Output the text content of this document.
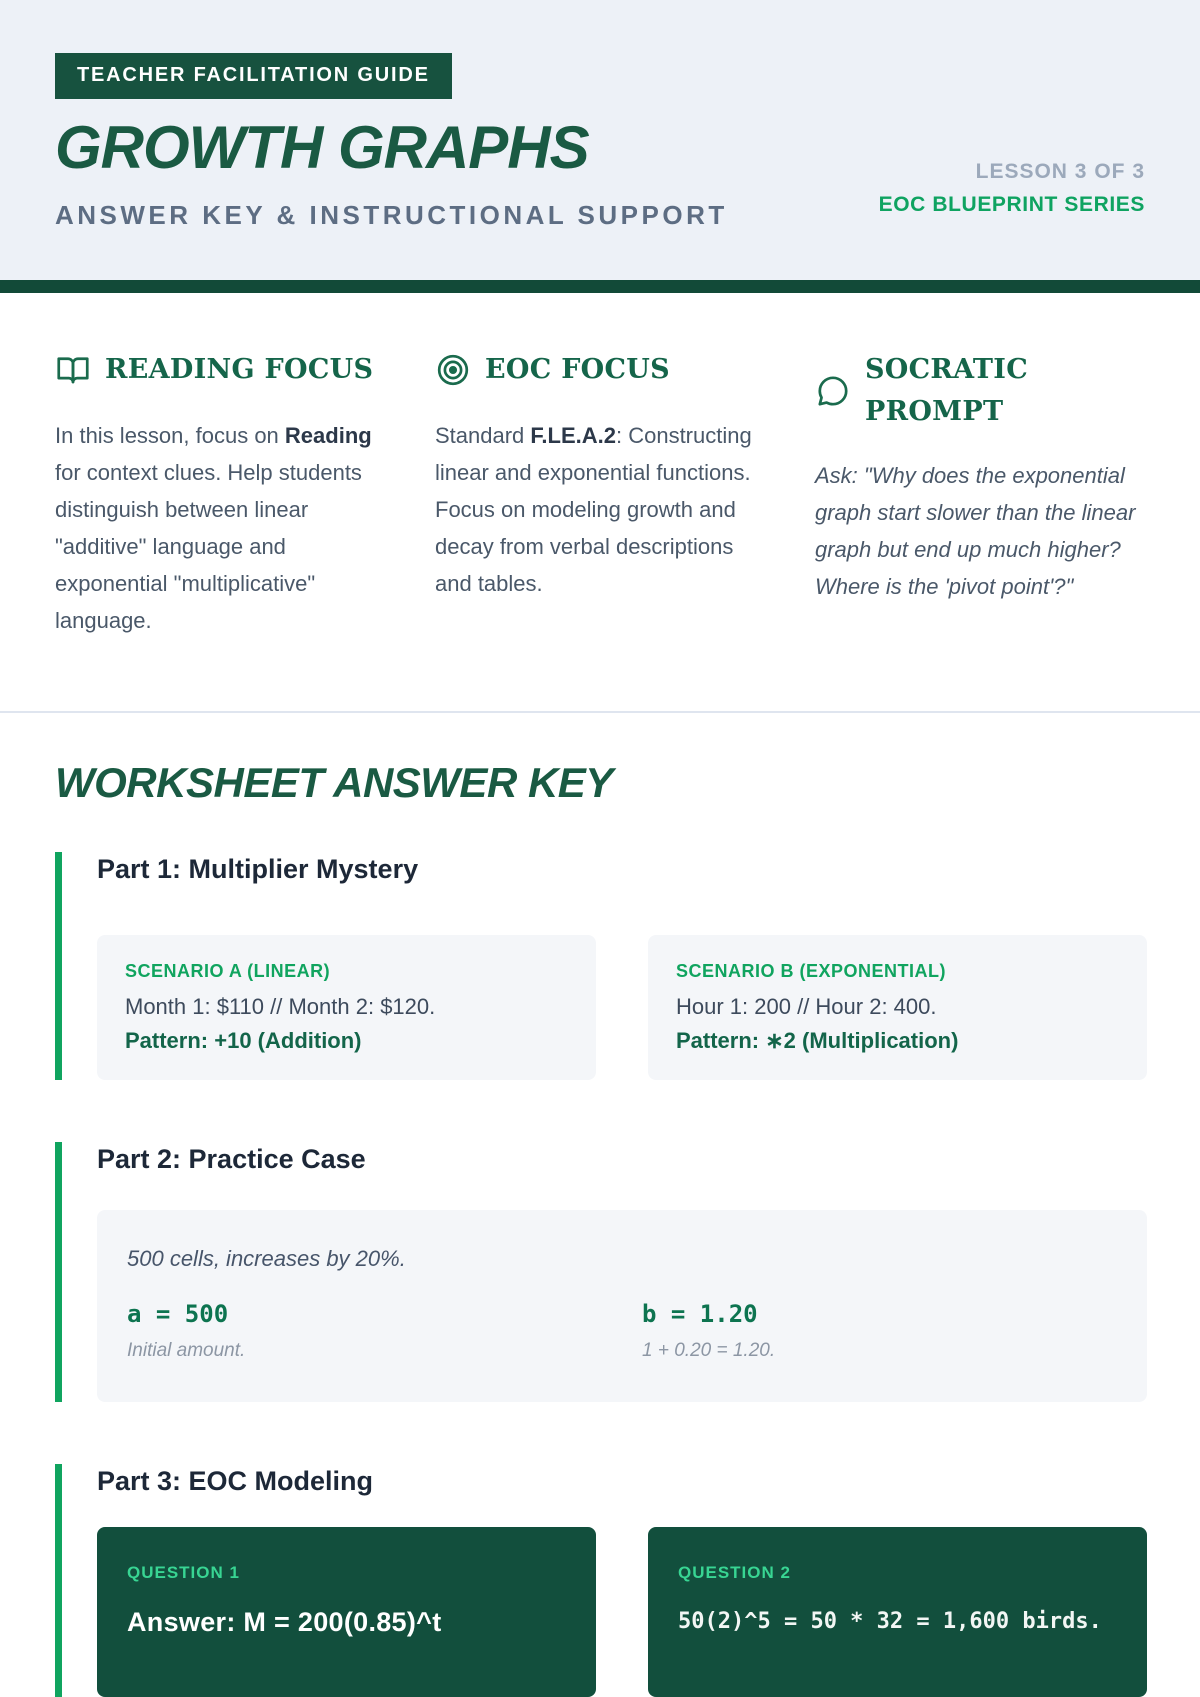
TEACHER FACILITATION GUIDE
GROWTH GRAPHS
ANSWER KEY & INSTRUCTIONAL SUPPORT
LESSON 3 OF 3
EOC BLUEPRINT SERIES
READING FOCUS

In this lesson, focus on Reading for context clues. Help students distinguish between linear "additive" language and exponential "multiplicative" language.

EOC FOCUS

Standard F.LE.A.2: Constructing linear and exponential functions. Focus on modeling growth and decay from verbal descriptions and tables.

SOCRATIC PROMPT

Ask: "Why does the exponential graph start slower than the linear graph but end up much higher? Where is the 'pivot point'?"

WORKSHEET ANSWER KEY
Part 1: Multiplier Mystery
SCENARIO A (LINEAR)
Month 1: $110 // Month 2: $120.
Pattern: +10 (Addition)
SCENARIO B (EXPONENTIAL)
Hour 1: 200 // Hour 2: 400.
Pattern: ∗2 (Multiplication)
Part 2: Practice Case
500 cells, increases by 20%.
a = 500
Initial amount.
b = 1.20
1 + 0.20 = 1.20.
Part 3: EOC Modeling
QUESTION 1
Answer: M = 200(0.85)^t
QUESTION 2
50(2)^5 = 50 * 32 = 1,600 birds.
